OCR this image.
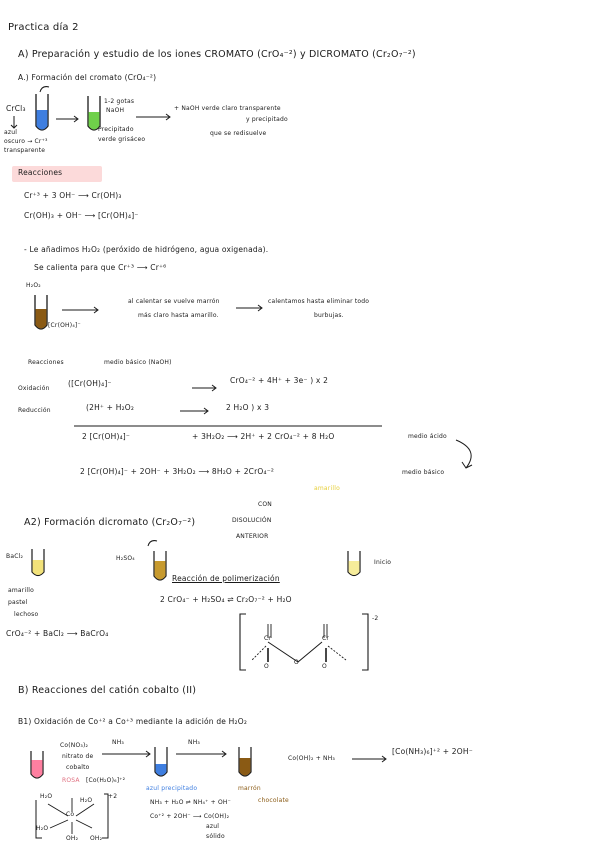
Practica día 2
A) Preparación y estudio de los iones CROMATO (CrO₄⁻²) y DICROMATO (Cr₂O₇⁻²)
A.) Formación del cromato (CrO₄⁻²)
CrCl₃
azul
oscuro → Cr⁺³
transparente
1-2 gotas
NaOH
Precipitado
verde grisáceo
+ NaOH verde claro transparente
y precipitado
que se redisuelve
Reacciones
Cr⁺³ + 3 OH⁻ ⟶ Cr(OH)₃
Cr(OH)₃ + OH⁻ ⟶ [Cr(OH)₄]⁻
- Le añadimos H₂O₂ (peróxido de hidrógeno, agua oxigenada).
Se calienta para que Cr⁺³ ⟶ Cr⁺⁶
H₂O₂
[Cr(OH)₄]⁻
al calentar se vuelve marrón
más claro hasta amarillo.
calentamos hasta eliminar todo
burbujas.
Reacciones	medio básico (NaOH)
Oxidación
([Cr(OH)₄]⁻	CrO₄⁻² + 4H⁺ + 3e⁻ ) x 2
Reducción	(2H⁺ + H₂O₂	2 H₂O ) x 3
2 [Cr(OH)₄]⁻	+ 3H₂O₂ ⟶ 2H⁺ + 2 CrO₄⁻² + 8 H₂O	medio ácido
2 [Cr(OH)₄]⁻ + 2OH⁻ + 3H₂O₂ ⟶ 8H₂O + 2CrO₄⁻²	medio básico
amarillo
CON
DISOLUCIÓN
ANTERIOR
A2) Formación dicromato (Cr₂O₇⁻²)
BaCl₂
amarillo
pastel
lechoso
CrO₄⁻² + BaCl₂ ⟶ BaCrO₄
H₂SO₄
Inicio
Reacción de polimerización
2 CrO₄⁻ + H₂SO₄ ⇌ Cr₂O₇⁻² + H₂O
Cr	Cr
O
O
O
-2
B) Reacciones del catión cobalto (II)
B1) Oxidación de Co⁺² a Co⁺³ mediante la adición de H₂O₂
Co(NO₃)₂
nitrato de
cobalto
ROSA [Co(H₂O)₆]⁺²
NH₃
azul precipitado
NH₃
marrón
chocolate
Co(OH)₂ + NH₃
[Co(NH₃)₆]⁺² + 2OH⁻
NH₃ + H₂O ⇌ NH₄⁺ + OH⁻
Co⁺² + 2OH⁻ ⟶ Co(OH)₂
azul
sólido
H₂O
Co
H₂O
+2
H₂O
OH₂ OH₂
